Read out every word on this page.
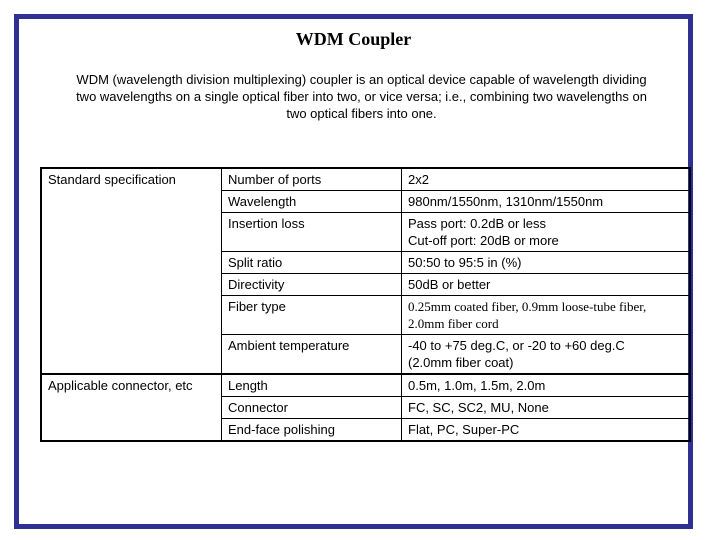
WDM Coupler
WDM (wavelength division multiplexing) coupler is an optical device capable of wavelength dividing two wavelengths on a single optical fiber into two, or vice versa; i.e., combining two wavelengths on two optical fibers into one.
Standard specification	Number of ports	2x2
	Wavelength	980nm/1550nm, 1310nm/1550nm
	Insertion loss	Pass port: 0.2dB or less
Cut-off port: 20dB or more

	Split ratio	50:50 to 95:5 in (%)
	Directivity	50dB or better
	Fiber type	0.25mm coated fiber, 0.9mm loose-tube fiber,
2.0mm fiber cord

	Ambient temperature	-40 to +75 deg.C, or -20 to +60 deg.C
(2.0mm fiber coat)

Applicable connector, etc	Length	0.5m, 1.0m, 1.5m, 2.0m
	Connector	FC, SC, SC2, MU, None
	End-face polishing	Flat, PC, Super-PC
